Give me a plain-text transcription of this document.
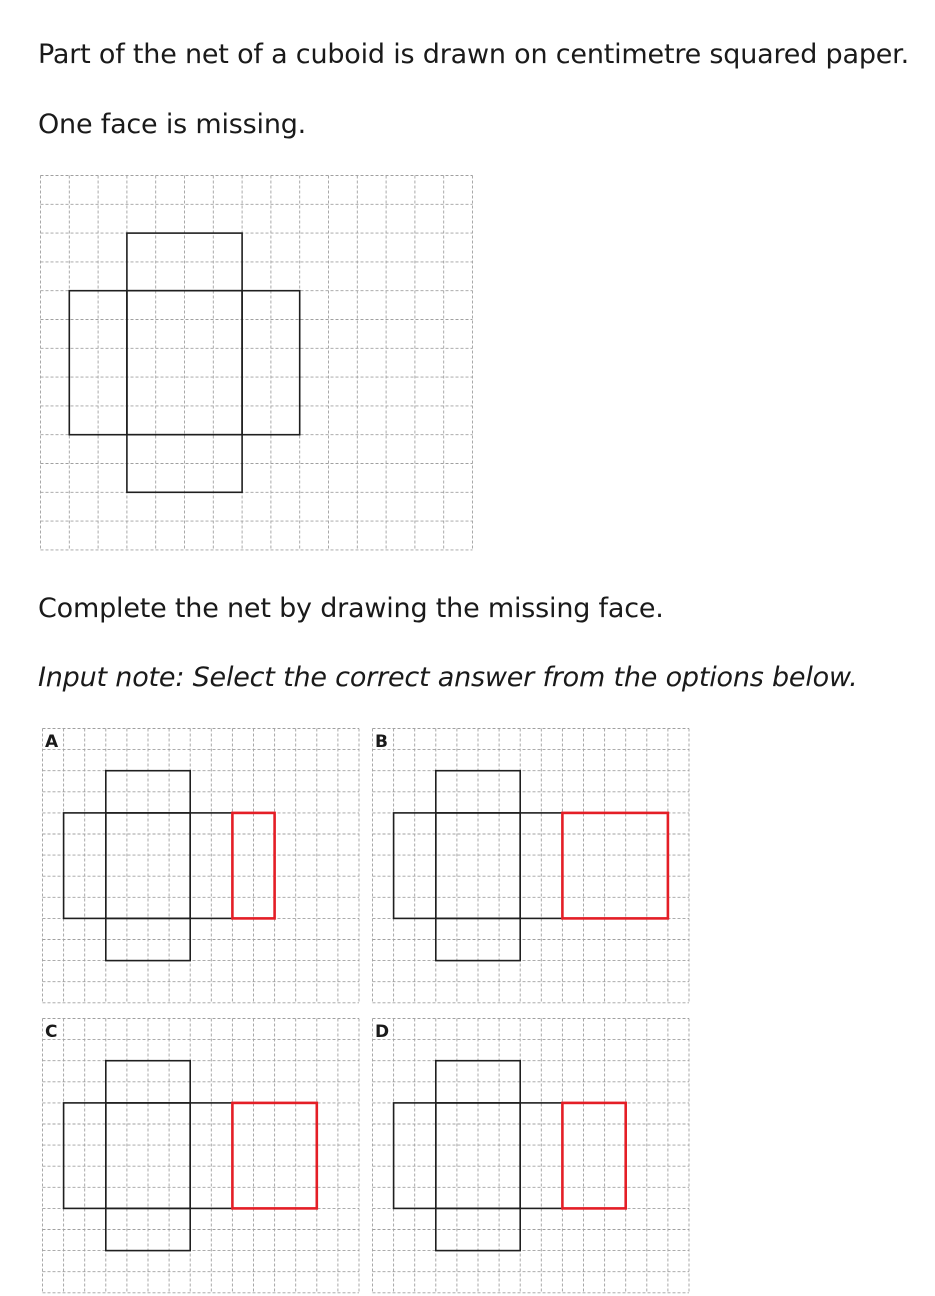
Part of the net of a cuboid is drawn on centimetre squared paper.

One face is missing.

Complete the net by drawing the missing face.

Input note: Select the correct answer from the options below.

A	B
C	D
